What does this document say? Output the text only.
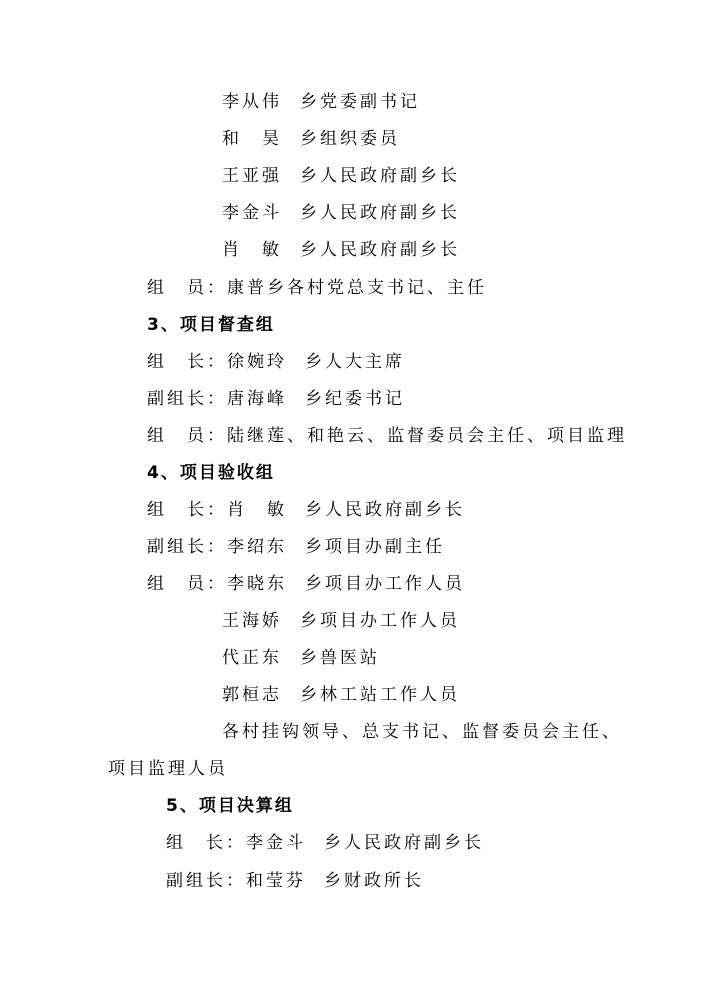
李从伟 乡党委副书记
和　昊 乡组织委员
王亚强 乡人民政府副乡长
李金斗 乡人民政府副乡长
肖　敏 乡人民政府副乡长
组　员：康普乡各村党总支书记、主任
3、项目督查组
组　长：徐婉玲 乡人大主席
副组长：唐海峰 乡纪委书记
组　员：陆继莲、和艳云、监督委员会主任、项目监理
4、项目验收组
组　长：肖　敏 乡人民政府副乡长
副组长：李绍东 乡项目办副主任
组　员：李晓东 乡项目办工作人员
王海娇 乡项目办工作人员
代正东 乡兽医站
郭桓志 乡林工站工作人员
各村挂钩领导、总支书记、监督委员会主任、
项目监理人员
5、项目决算组
组　长：李金斗 乡人民政府副乡长
副组长：和莹芬 乡财政所长
